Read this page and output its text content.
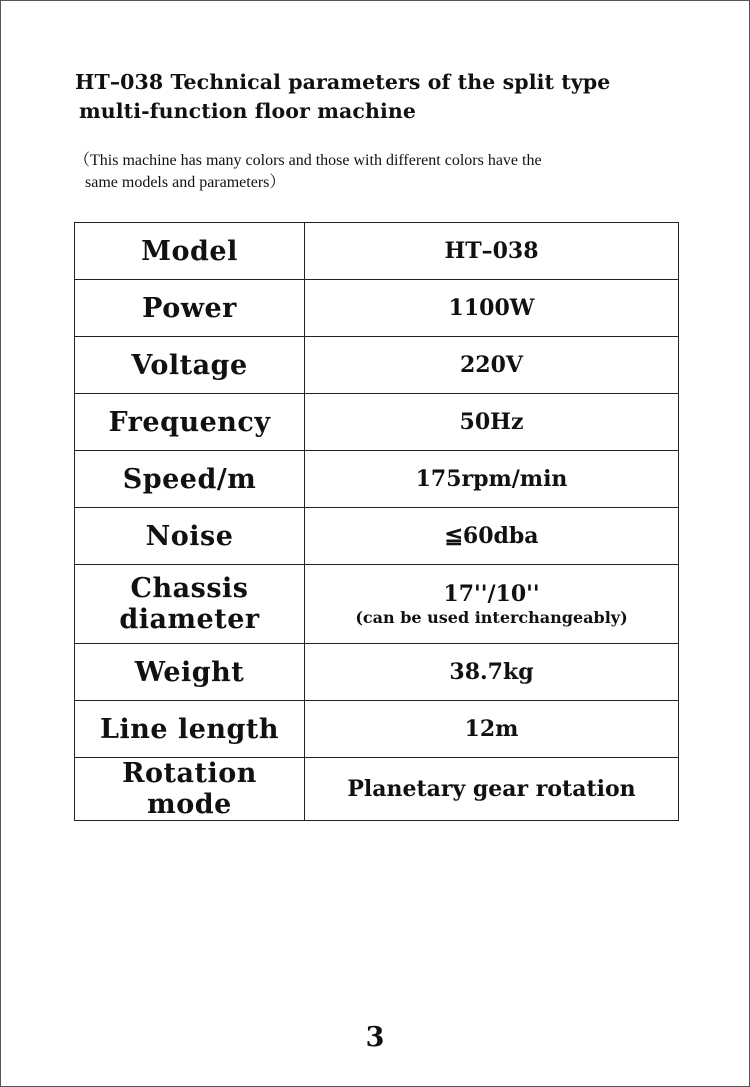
HT–038 Technical parameters of the split type
multi-function floor machine
（This machine has many colors and those with different colors have the
same models and parameters）
Model	HT–038
Power	1100W
Voltage	220V
Frequency	50Hz
Speed/m	175rpm/min
Noise	≦60dba
Chassis diameter	17''/10''
(can be used interchangeably)

Weight	38.7kg
Line length	12m
Rotation mode	Planetary gear rotation
3
